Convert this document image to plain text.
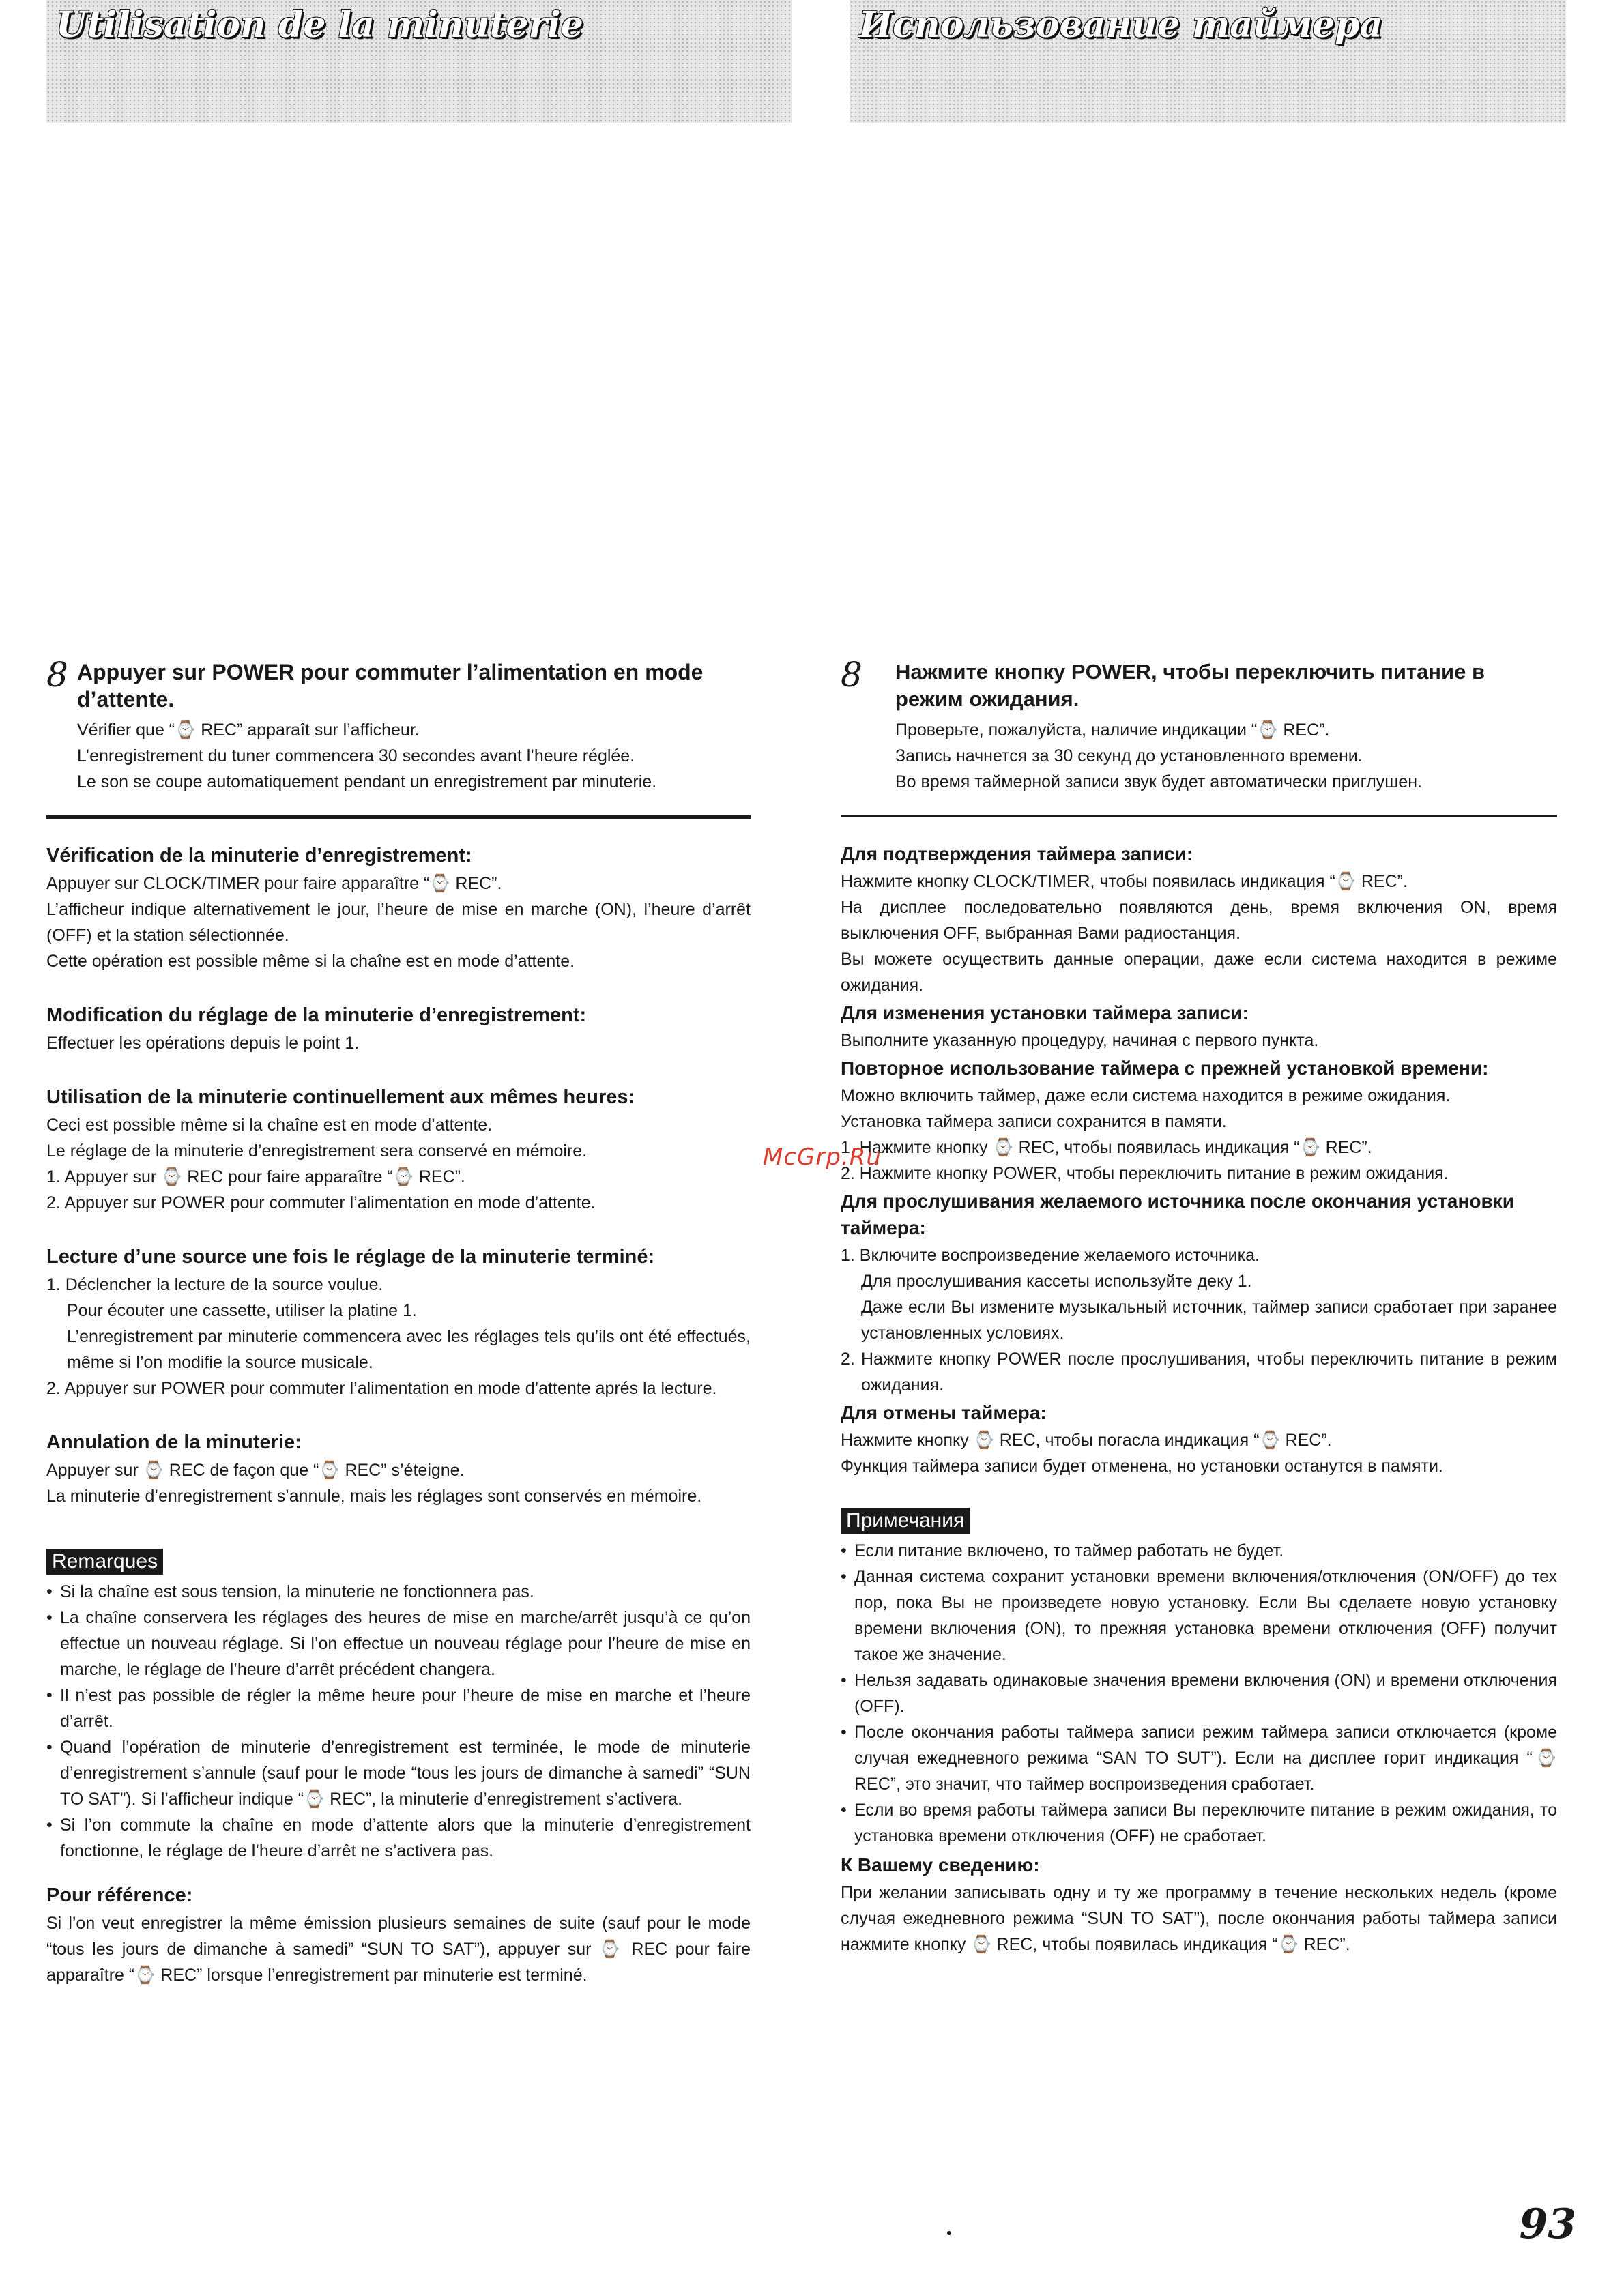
Utilisation de la minuterie	Использование таймера
8 Appuyer sur POWER pour commuter l’alimentation en mode d’attente.
Vérifier que “⌚ REC” apparaît sur l’afficheur.
L’enregistrement du tuner commencera 30 secondes avant l’heure réglée.
Le son se coupe automatiquement pendant un enregistrement par minuterie.
Vérification de la minuterie d’enregistrement:

Appuyer sur CLOCK/TIMER pour faire apparaître “⌚ REC”.

L’afficheur indique alternativement le jour, l’heure de mise en marche (ON), l’heure d’arrêt (OFF) et la station sélectionnée.

Cette opération est possible même si la chaîne est en mode d’attente.

Modification du réglage de la minuterie d’enregistrement:

Effectuer les opérations depuis le point 1.

Utilisation de la minuterie continuellement aux mêmes heures:

Ceci est possible même si la chaîne est en mode d’attente.

Le réglage de la minuterie d’enregistrement sera conservé en mémoire.

1. Appuyer sur ⌚ REC pour faire apparaître “⌚ REC”.
2. Appuyer sur POWER pour commuter l’alimentation en mode d’attente.
Lecture d’une source une fois le réglage de la minuterie terminé:
1. Déclencher la lecture de la source voulue.
Pour écouter une cassette, utiliser la platine 1.
L’enregistrement par minuterie commencera avec les réglages tels qu’ils ont été effectués, même si l’on modifie la source musicale.
2. Appuyer sur POWER pour commuter l’alimentation en mode d’attente aprés la lecture.
Annulation de la minuterie:

Appuyer sur ⌚ REC de façon que “⌚ REC” s’éteigne.

La minuterie d’enregistrement s’annule, mais les réglages sont conservés en mémoire.

Remarques

• Si la chaîne est sous tension, la minuterie ne fonctionnera pas.

• La chaîne conservera les réglages des heures de mise en marche/arrêt jusqu’à ce qu’on effectue un nouveau réglage. Si l’on effectue un nouveau réglage pour l’heure de mise en marche, le réglage de l’heure d’arrêt précédent changera.

• Il n’est pas possible de régler la même heure pour l’heure de mise en marche et l’heure d’arrêt.

• Quand l’opération de minuterie d’enregistrement est terminée, le mode de minuterie d’enregistrement s’annule (sauf pour le mode “tous les jours de dimanche à samedi” “SUN TO SAT”). Si l’afficheur indique “⌚ REC”, la minuterie d’enregistrement s’activera.

• Si l’on commute la chaîne en mode d’attente alors que la minuterie d’enregistrement fonctionne, le réglage de l’heure d’arrêt ne s’activera pas.

Pour référence:

Si l’on veut enregistrer la même émission plusieurs semaines de suite (sauf pour le mode “tous les jours de dimanche à samedi” “SUN TO SAT”), appuyer sur ⌚ REC pour faire apparaître “⌚ REC” lorsque l’enregistrement par minuterie est terminé.

8 Нажмите кнопку POWER, чтобы переключить питание в режим ожидания.
Проверьте, пожалуйста, наличие индикации “⌚ REC”.
Запись начнется за 30 секунд до установленного времени.
Во время таймерной записи звук будет автоматически приглушен.
Для подтверждения таймера записи:

Нажмите кнопку CLOCK/TIMER, чтобы появилась индикация “⌚ REC”.

На дисплее последовательно появляются день, время включения ON, время выключения OFF, выбранная Вами радиостанция.

Вы можете осуществить данные операции, даже если система находится в режиме ожидания.

Для изменения установки таймера записи:

Выполните указанную процедуру, начиная с первого пункта.

Повторное использование таймера с прежней установкой времени:

Можно включить таймер, даже если система находится в режиме ожидания.

Установка таймера записи сохранится в памяти.

1. Нажмите кнопку ⌚ REC, чтобы появилась индикация “⌚ REC”.
2. Нажмите кнопку POWER, чтобы переключить питание в режим ожидания.
Для прослушивания желаемого источника после окончания установки таймера:
1. Включите воспроизведение желаемого источника.
Для прослушивания кассеты используйте деку 1.
Даже если Вы измените музыкальный источник, таймер записи сработает при заранее установленных условиях.
2. Нажмите кнопку POWER после прослушивания, чтобы переключить питание в режим ожидания.
Для отмены таймера:

Нажмите кнопку ⌚ REC, чтобы погасла индикация “⌚ REC”.

Функция таймера записи будет отменена, но установки останутся в памяти.

Примечания

• Если питание включено, то таймер работать не будет.

• Данная система сохранит установки времени включения/отключения (ON/OFF) до тех пор, пока Вы не произведете новую установку. Если Вы сделаете новую установку времени включения (ON), то прежняя установка времени отключения (OFF) получит такое же значение.

• Нельзя задавать одинаковые значения времени включения (ON) и времени отключения (OFF).

• После окончания работы таймера записи режим таймера записи отключается (кроме случая ежедневного режима “SAN TO SUT”). Если на дисплее горит индикация “⌚ REC”, это значит, что таймер воспроизведения сработает.

• Если во время работы таймера записи Вы переключите питание в режим ожидания, то установка времени отключения (OFF) не сработает.

К Вашему сведению:

При желании записывать одну и ту же программу в течение нескольких недель (кроме случая ежедневного режима “SUN TO SAT”), после окончания работы таймера записи нажмите кнопку ⌚ REC, чтобы появилась индикация “⌚ REC”.

McGrp.Ru
93
